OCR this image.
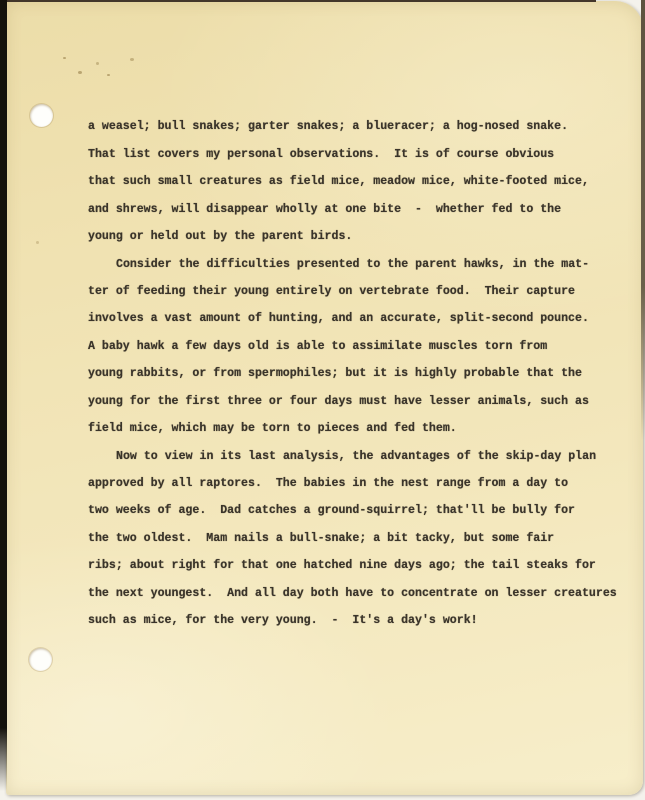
a weasel; bull snakes; garter snakes; a blueracer; a hog-nosed snake.
That list covers my personal observations.  It is of course obvious
that such small creatures as field mice, meadow mice, white-footed mice,
and shrews, will disappear wholly at one bite  -  whether fed to the
young or held out by the parent birds.
Consider the difficulties presented to the parent hawks, in the mat-
ter of feeding their young entirely on vertebrate food.  Their capture
involves a vast amount of hunting, and an accurate, split-second pounce.
A baby hawk a few days old is able to assimilate muscles torn from
young rabbits, or from spermophiles; but it is highly probable that the
young for the first three or four days must have lesser animals, such as
field mice, which may be torn to pieces and fed them.
Now to view in its last analysis, the advantages of the skip-day plan
approved by all raptores.  The babies in the nest range from a day to
two weeks of age.  Dad catches a ground-squirrel; that'll be bully for
the two oldest.  Mam nails a bull-snake; a bit tacky, but some fair
ribs; about right for that one hatched nine days ago; the tail steaks for
the next youngest.  And all day both have to concentrate on lesser creatures
such as mice, for the very young.  -  It's a day's work!
